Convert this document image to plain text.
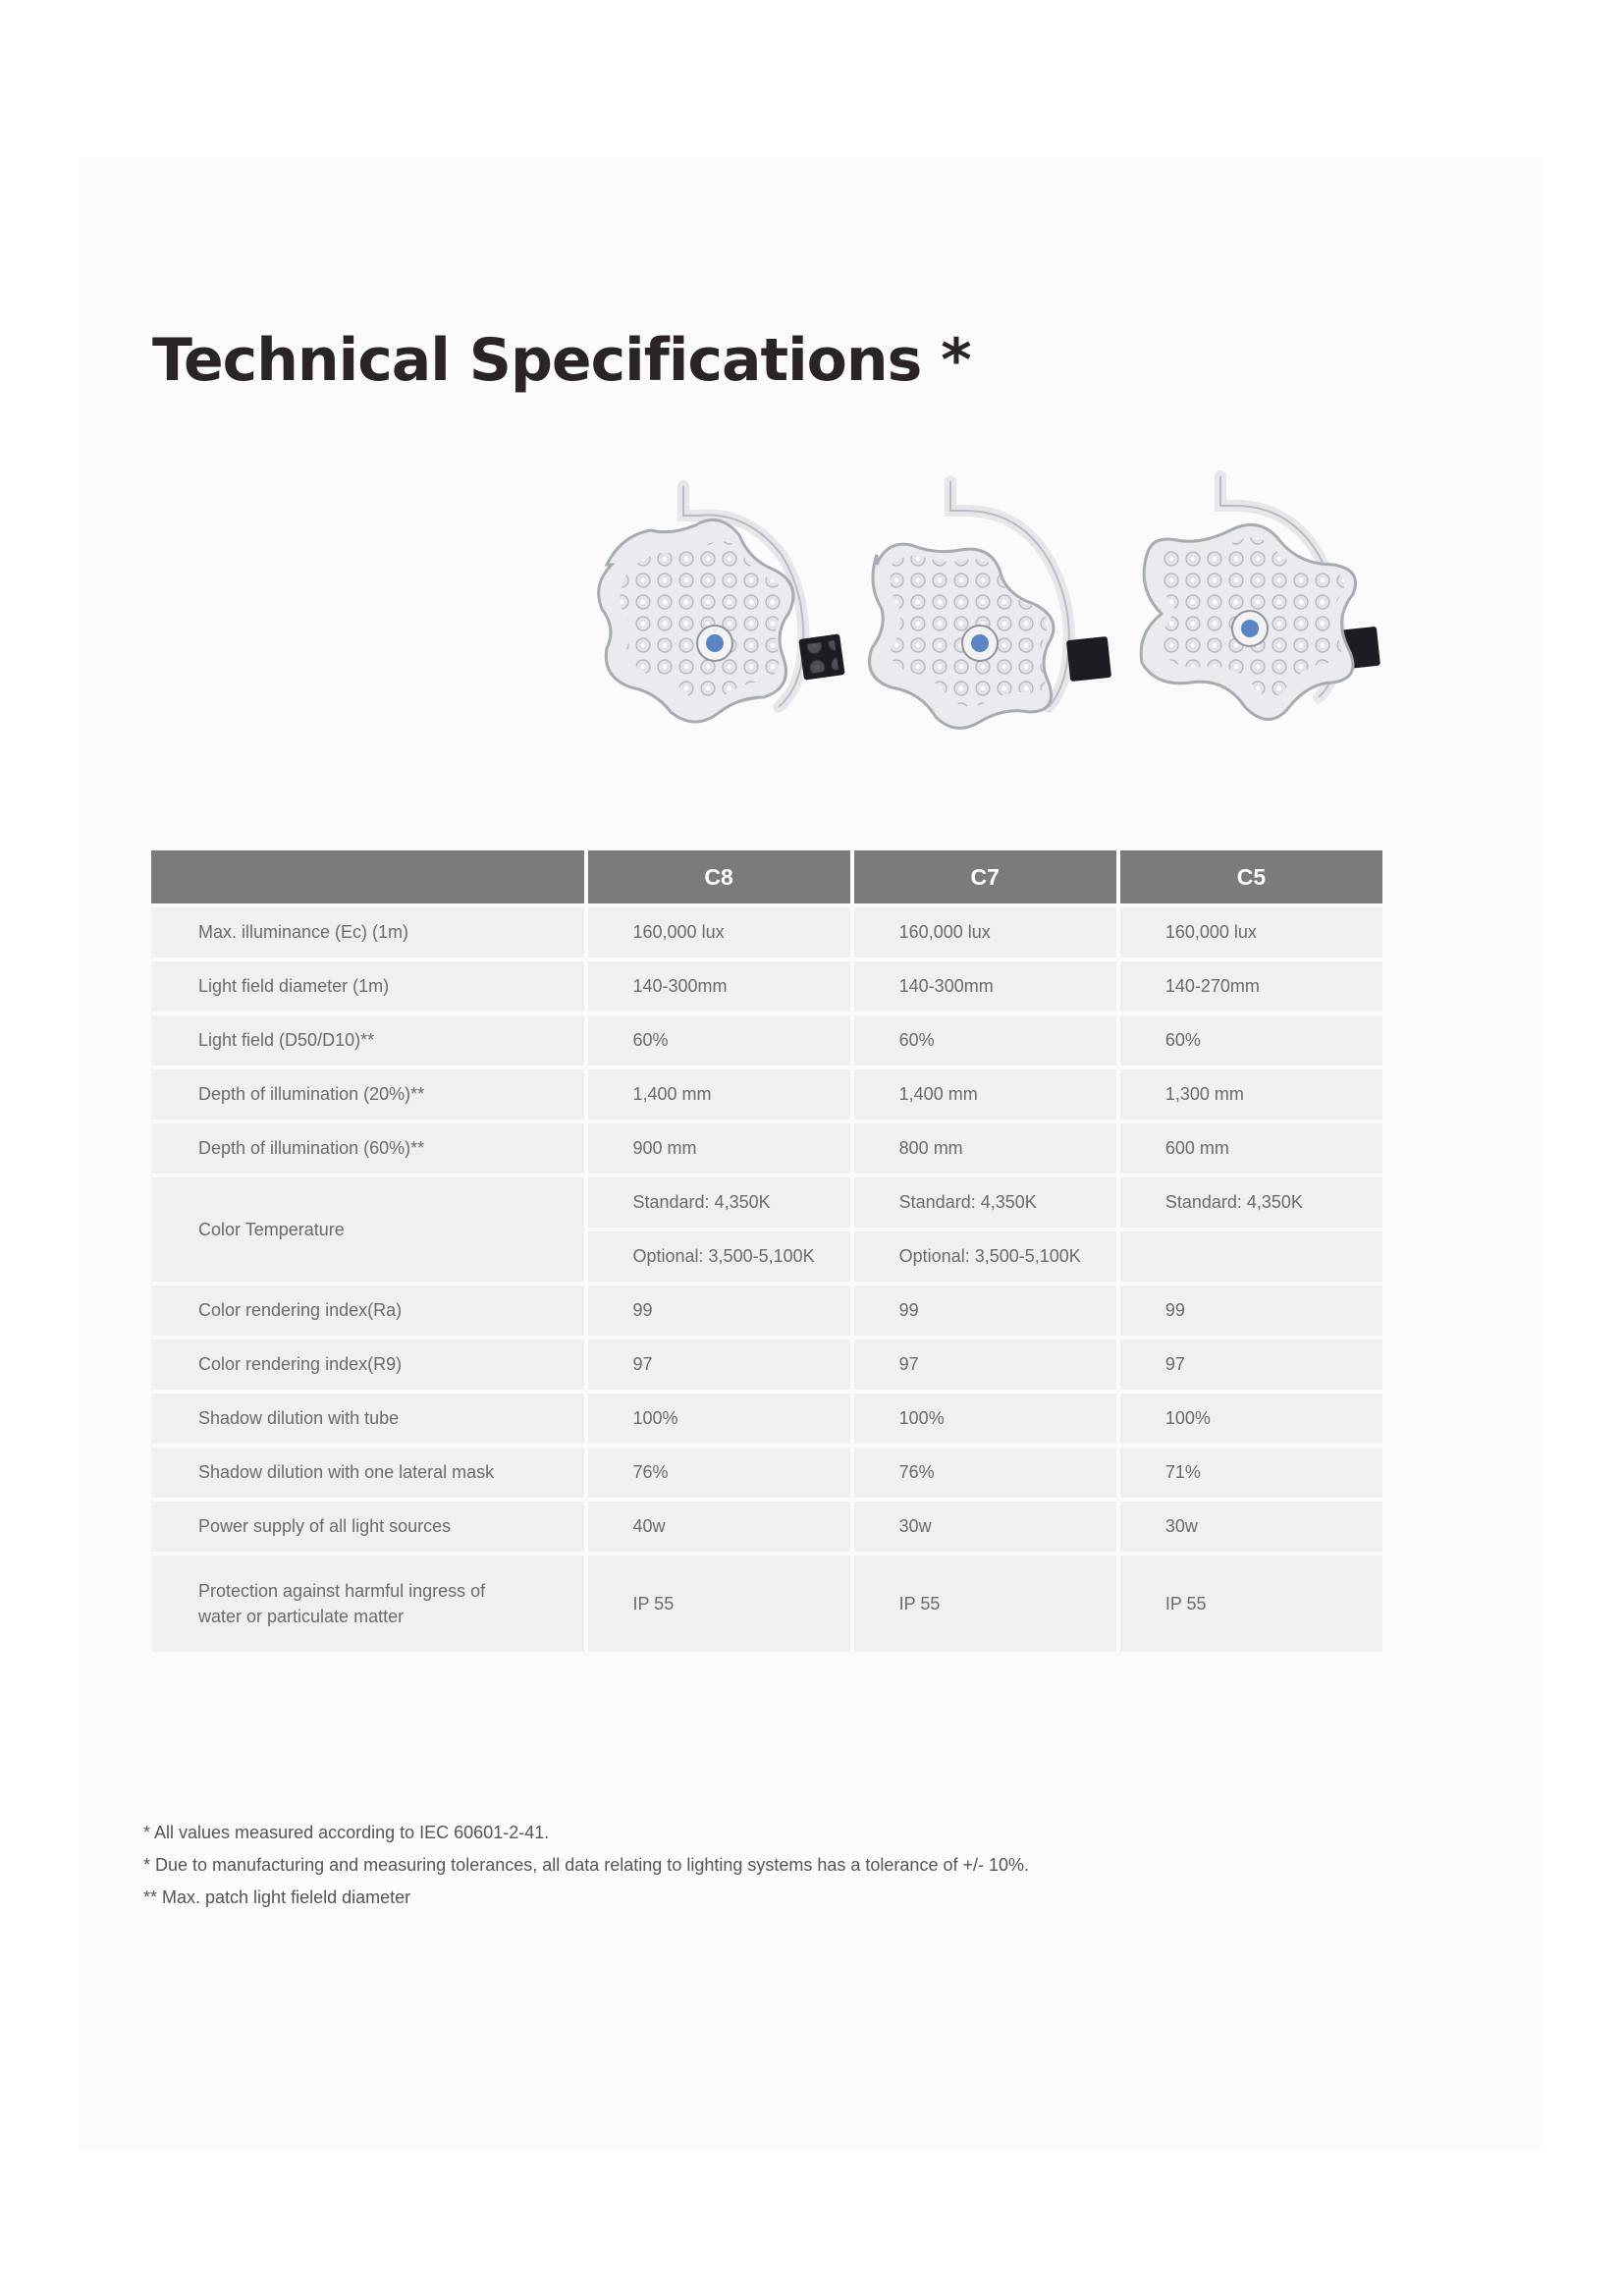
Technical Specifications *
	C8	C7	C5
Max. illuminance (Ec) (1m)	160,000 lux	160,000 lux	160,000 lux
Light field diameter (1m)	140-300mm	140-300mm	140-270mm
Light field (D50/D10)**	60%	60%	60%
Depth of illumination (20%)**	1,400 mm	1,400 mm	1,300 mm
Depth of illumination (60%)**	900 mm	800 mm	600 mm
Color Temperature	Standard: 4,350K	Standard: 4,350K	Standard: 4,350K
	Optional: 3,500-5,100K	Optional: 3,500-5,100K	
Color rendering index(Ra)	99	99	99
Color rendering index(R9)	97	97	97
Shadow dilution with tube	100%	100%	100%
Shadow dilution with one lateral mask	76%	76%	71%
Power supply of all light sources	40w	30w	30w
Protection against harmful ingress of water or particulate matter	IP 55	IP 55	IP 55

* All values measured according to IEC 60601-2-41.

* Due to manufacturing and measuring tolerances, all data relating to lighting systems has a tolerance of +/- 10%.

** Max. patch light fieleld diameter
